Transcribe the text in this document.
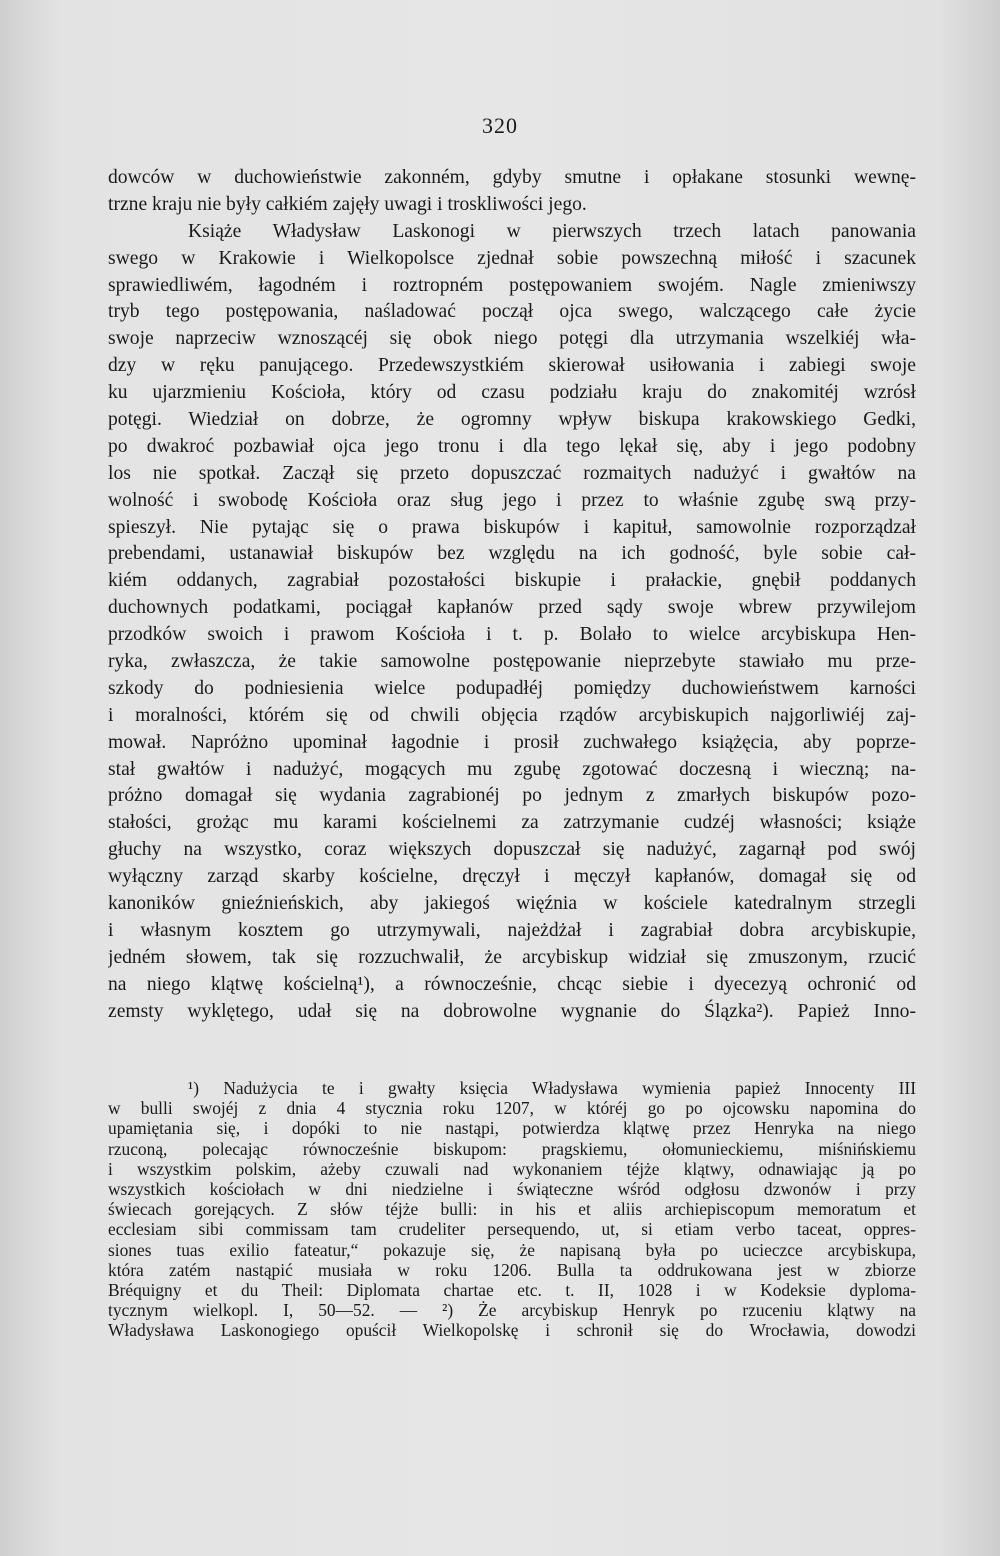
320
dowców w duchowieństwie zakonném, gdyby smutne i opłakane stosunki wewnę-
trzne kraju nie były całkiém zajęły uwagi i troskliwości jego.
Książe Władysław Laskonogi w pierwszych trzech latach panowania
swego w Krakowie i Wielkopolsce zjednał sobie powszechną miłość i szacunek
sprawiedliwém, łagodném i roztropném postępowaniem swojém. Nagle zmieniwszy
tryb tego postępowania, naśladować począł ojca swego, walczącego całe życie
swoje naprzeciw wznoszącéj się obok niego potęgi dla utrzymania wszelkiéj wła-
dzy w ręku panującego. Przedewszystkiém skierował usiłowania i zabiegi swoje
ku ujarzmieniu Kościoła, który od czasu podziału kraju do znakomitéj wzrósł
potęgi. Wiedział on dobrze, że ogromny wpływ biskupa krakowskiego Gedki,
po dwakroć pozbawiał ojca jego tronu i dla tego lękał się, aby i jego podobny
los nie spotkał. Zaczął się przeto dopuszczać rozmaitych nadużyć i gwałtów na
wolność i swobodę Kościoła oraz sług jego i przez to właśnie zgubę swą przy-
spieszył. Nie pytając się o prawa biskupów i kapituł, samowolnie rozporządzał
prebendami, ustanawiał biskupów bez względu na ich godność, byle sobie cał-
kiém oddanych, zagrabiał pozostałości biskupie i prałackie, gnębił poddanych
duchownych podatkami, pociągał kapłanów przed sądy swoje wbrew przywilejom
przodków swoich i prawom Kościoła i t. p. Bolało to wielce arcybiskupa Hen-
ryka, zwłaszcza, że takie samowolne postępowanie nieprzebyte stawiało mu prze-
szkody do podniesienia wielce podupadłéj pomiędzy duchowieństwem karności
i moralności, którém się od chwili objęcia rządów arcybiskupich najgorliwiéj zaj-
mował. Napróżno upominał łagodnie i prosił zuchwałego książęcia, aby poprze-
stał gwałtów i nadużyć, mogących mu zgubę zgotować doczesną i wieczną; na-
próżno domagał się wydania zagrabionéj po jednym z zmarłych biskupów pozo-
stałości, grożąc mu karami kościelnemi za zatrzymanie cudzéj własności; książe
głuchy na wszystko, coraz większych dopuszczał się nadużyć, zagarnął pod swój
wyłączny zarząd skarby kościelne, dręczył i męczył kapłanów, domagał się od
kanoników gnieźnieńskich, aby jakiegoś więźnia w kościele katedralnym strzegli
i własnym kosztem go utrzymywali, najeżdżał i zagrabiał dobra arcybiskupie,
jedném słowem, tak się rozzuchwalił, że arcybiskup widział się zmuszonym, rzucić
na niego klątwę kościelną¹), a równocześnie, chcąc siebie i dyecezyą ochronić od
zemsty wyklętego, udał się na dobrowolne wygnanie do Ślązka²). Papież Inno-
¹) Nadużycia te i gwałty księcia Władysława wymienia papież Innocenty III
w bulli swojéj z dnia 4 stycznia roku 1207, w któréj go po ojcowsku napomina do
upamiętania się, i dopóki to nie nastąpi, potwierdza klątwę przez Henryka na niego
rzuconą, polecając równocześnie biskupom: pragskiemu, ołomunieckiemu, miśnińskiemu
i wszystkim polskim, ażeby czuwali nad wykonaniem téjże klątwy, odnawiając ją po
wszystkich kościołach w dni niedzielne i świąteczne wśród odgłosu dzwonów i przy
świecach gorejących. Z słów téjże bulli: in his et aliis archiepiscopum memoratum et
ecclesiam sibi commissam tam crudeliter persequendo, ut, si etiam verbo taceat, oppres-
siones tuas exilio fateatur,“ pokazuje się, że napisaną była po ucieczce arcybiskupa,
która zatém nastąpić musiała w roku 1206. Bulla ta oddrukowana jest w zbiorze
Bréquigny et du Theil: Diplomata chartae etc. t. II, 1028 i w Kodeksie dyploma-
tycznym wielkopl. I, 50—52. — ²) Że arcybiskup Henryk po rzuceniu klątwy na
Władysława Laskonogiego opuścił Wielkopolskę i schronił się do Wrocławia, dowodzi
